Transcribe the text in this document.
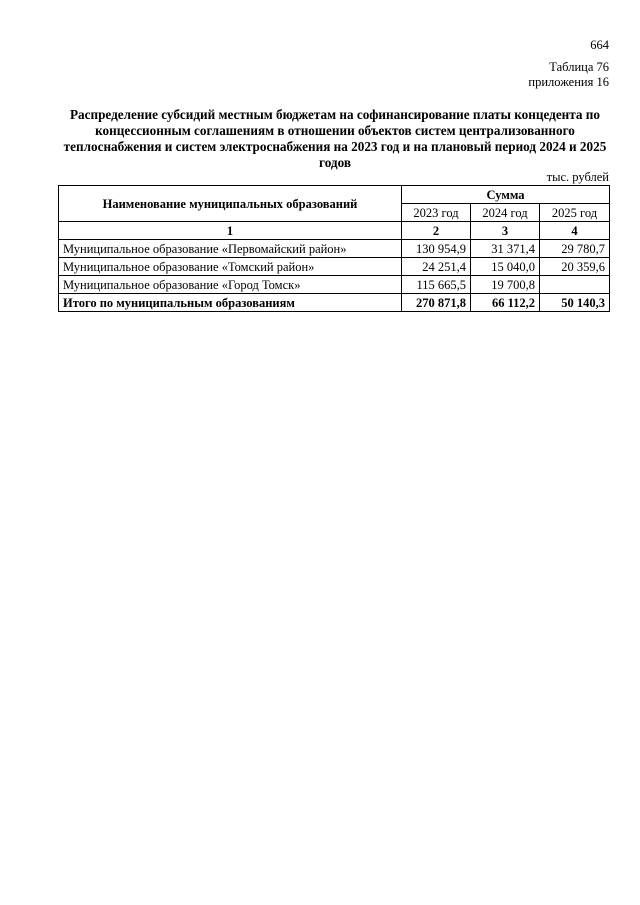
664
Таблица 76
приложения 16
Распределение субсидий местным бюджетам на софинансирование платы концедента по концессионным соглашениям в отношении объектов систем централизованного теплоснабжения и систем электроснабжения на 2023 год и на плановый период 2024 и 2025 годов
тыс. рублей
Наименование муниципальных образований	Сумма		
	2023 год	2024 год	2025 год
1	2	3	4
Муниципальное образование «Первомайский район»	130 954,9	31 371,4	29 780,7
Муниципальное образование «Томский район»	24 251,4	15 040,0	20 359,6
Муниципальное образование «Город Томск»	115 665,5	19 700,8	
Итого по муниципальным образованиям	270 871,8	66 112,2	50 140,3
